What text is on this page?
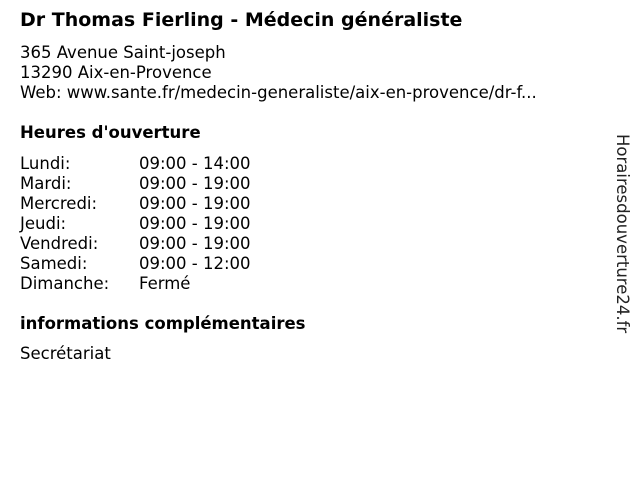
Dr Thomas Fierling - Médecin généraliste
365 Avenue Saint-joseph
13290 Aix-en-Provence
Web: www.sante.fr/medecin-generaliste/aix-en-provence/dr-f...
Heures d'ouverture
Lundi:	09:00 - 14:00
Mardi:	09:00 - 19:00
Mercredi:	09:00 - 19:00
Jeudi:	09:00 - 19:00
Vendredi: 09:00 - 19:00
Samedi:	09:00 - 12:00
Dimanche: Fermé
informations complémentaires
Secrétariat
Horairesdouverture24.fr
